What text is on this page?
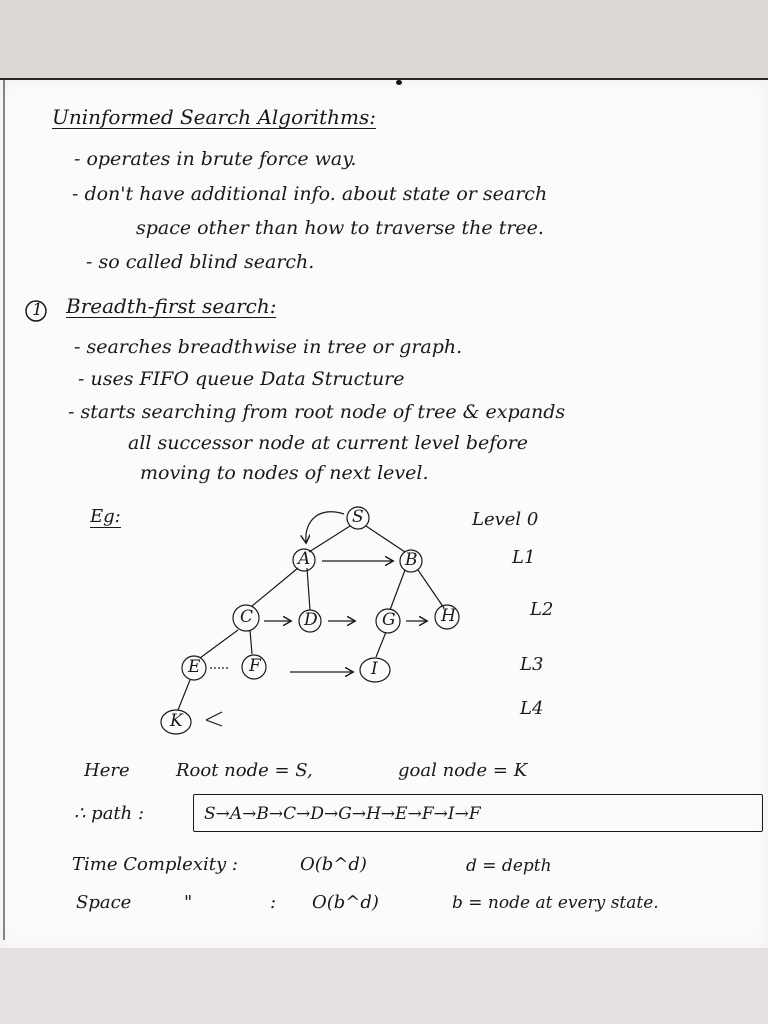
Uninformed Search Algorithms:
- operates in brute force way.
- don't have additional info. about state or search
space other than how to traverse the tree.
- so called blind search.
1 Breadth-first search:
- searches breadthwise in tree or graph.
- uses FIFO queue Data Structure
- starts searching from root node of tree & expands
all successor node at current level before
moving to nodes of next level.
Eg:	S
A	B
C	D	G	H
E	F	I
K
Level 0
L1
L2
L3
L4
Here	Root node = S,	goal node = K
∴ path :	S→A→B→C→D→G→H→E→F→I→F
Time Complexity :	O(b^d)	d = depth
Space	"	: O(b^d)	b = node at every state.
